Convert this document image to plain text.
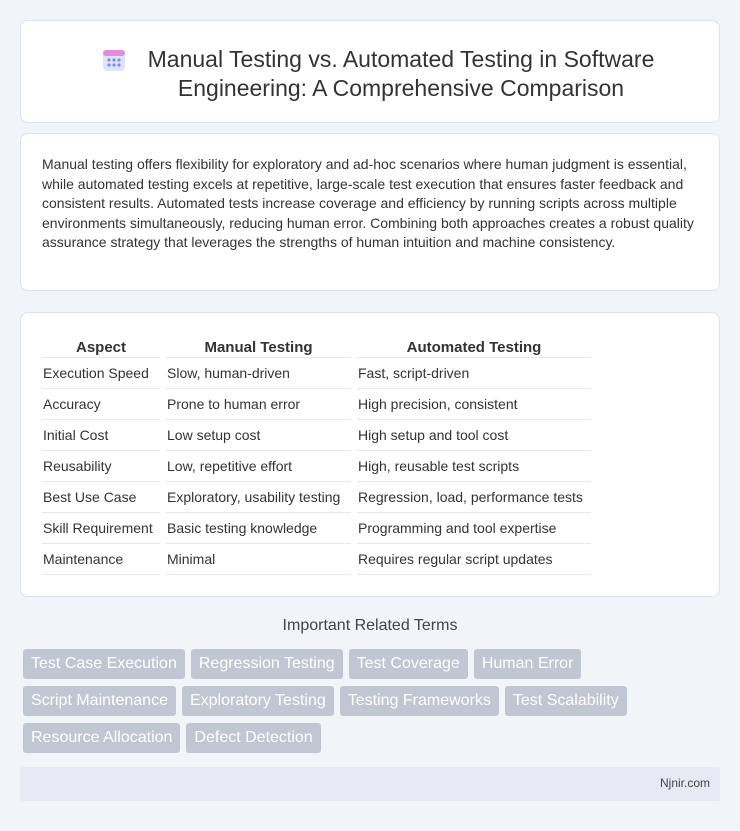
Manual Testing vs. Automated Testing in Software Engineering: A Comprehensive Comparison

Manual testing offers flexibility for exploratory and ad-hoc scenarios where human judgment is essential, while automated testing excels at repetitive, large-scale test execution that ensures faster feedback and consistent results. Automated tests increase coverage and efficiency by running scripts across multiple environments simultaneously, reducing human error. Combining both approaches creates a robust quality assurance strategy that leverages the strengths of human intuition and machine consistency.

Aspect	Manual Testing	Automated Testing
Execution Speed	Slow, human-driven	Fast, script-driven
Accuracy	Prone to human error	High precision, consistent
Initial Cost	Low setup cost	High setup and tool cost
Reusability	Low, repetitive effort	High, reusable test scripts
Best Use Case	Exploratory, usability testing	Regression, load, performance tests
Skill Requirement	Basic testing knowledge	Programming and tool expertise
Maintenance	Minimal	Requires regular script updates
Important Related Terms
Test Case Execution	Regression Testing	Test Coverage	Human Error
Script Maintenance	Exploratory Testing	Testing Frameworks	Test Scalability
Resource Allocation	Defect Detection
Njnir.com
